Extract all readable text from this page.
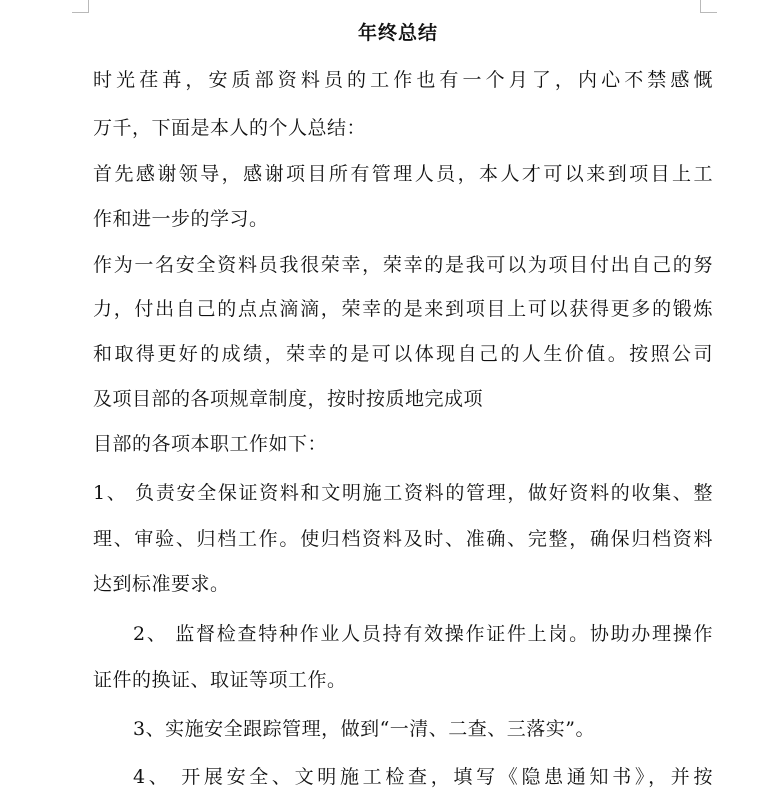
年终总结
时光荏苒，安质部资料员的工作也有一个月了，内心不禁感慨
万千，下面是本人的个人总结：
首先感谢领导，感谢项目所有管理人员，本人才可以来到项目上工
作和进一步的学习。
作为一名安全资料员我很荣幸，荣幸的是我可以为项目付出自己的努
力，付出自己的点点滴滴，荣幸的是来到项目上可以获得更多的锻炼
和取得更好的成绩，荣幸的是可以体现自己的人生价值。按照公司
及项目部的各项规章制度，按时按质地完成项
目部的各项本职工作如下：
1、 负责安全保证资料和文明施工资料的管理，做好资料的收集、整
理、审验、归档工作。使归档资料及时、准确、完整，确保归档资料
达到标准要求。
2、 监督检查特种作业人员持有效操作证件上岗。协助办理操作
证件的换证、取证等项工作。
3、实施安全跟踪管理，做到“一清、二查、三落实”。
4、 开展安全、文明施工检查，填写《隐患通知书》，并按
